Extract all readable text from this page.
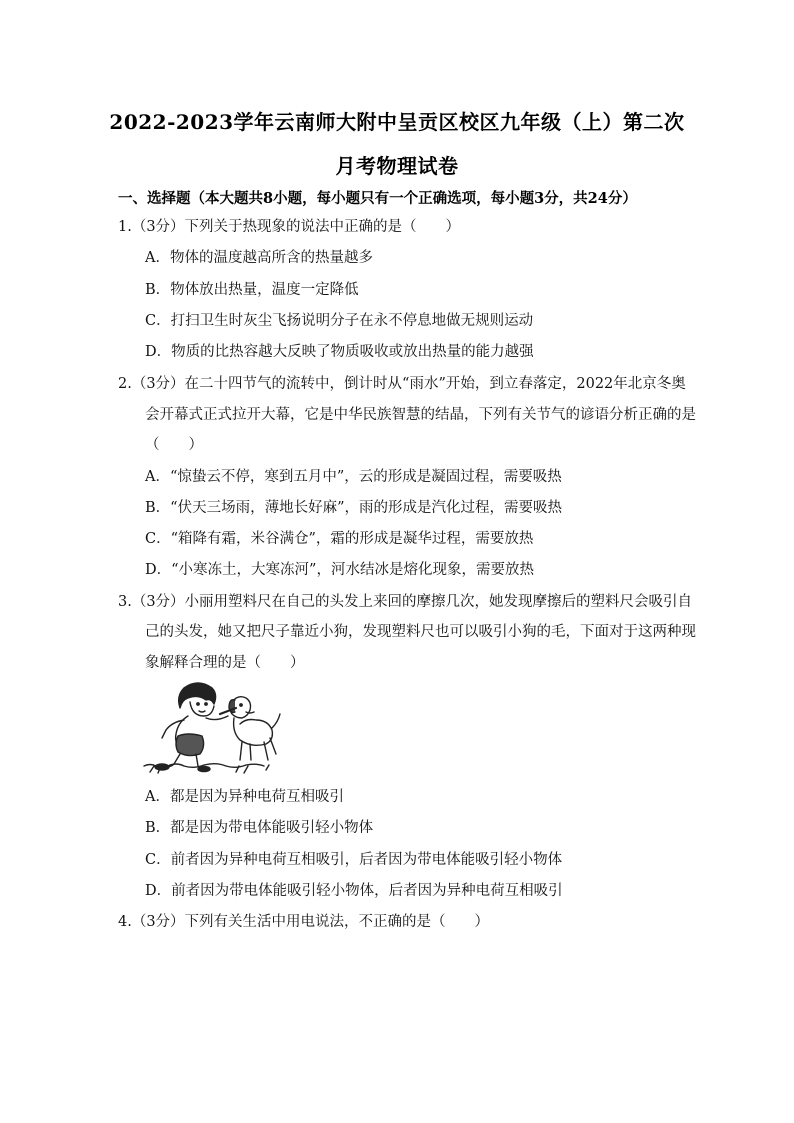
2022-2023学年云南师大附中呈贡区校区九年级（上）第二次
月考物理试卷
一、选择题（本大题共8小题，每小题只有一个正确选项，每小题3分，共24分）
1.（3分）下列关于热现象的说法中正确的是（　　）
A．物体的温度越高所含的热量越多
B．物体放出热量，温度一定降低
C．打扫卫生时灰尘飞扬说明分子在永不停息地做无规则运动
D．物质的比热容越大反映了物质吸收或放出热量的能力越强
2.（3分）在二十四节气的流转中，倒计时从“雨水”开始，到立春落定，2022年北京冬奥
会开幕式正式拉开大幕，它是中华民族智慧的结晶，下列有关节气的谚语分析正确的是
（　　）
A．“惊蛰云不停，寒到五月中”，云的形成是凝固过程，需要吸热
B．“伏天三场雨，薄地长好麻”，雨的形成是汽化过程，需要吸热
C．“箱降有霜，米谷满仓”，霜的形成是凝华过程，需要放热
D．“小寒冻土，大寒冻河”，河水结冰是熔化现象，需要放热
3.（3分）小丽用塑料尺在自己的头发上来回的摩擦几次，她发现摩擦后的塑料尺会吸引自
己的头发，她又把尺子靠近小狗，发现塑料尺也可以吸引小狗的毛，下面对于这两种现
象解释合理的是（　　）
A．都是因为异种电荷互相吸引
B．都是因为带电体能吸引轻小物体
C．前者因为异种电荷互相吸引，后者因为带电体能吸引轻小物体
D．前者因为带电体能吸引轻小物体，后者因为异种电荷互相吸引
4.（3分）下列有关生活中用电说法，不正确的是（　　）
